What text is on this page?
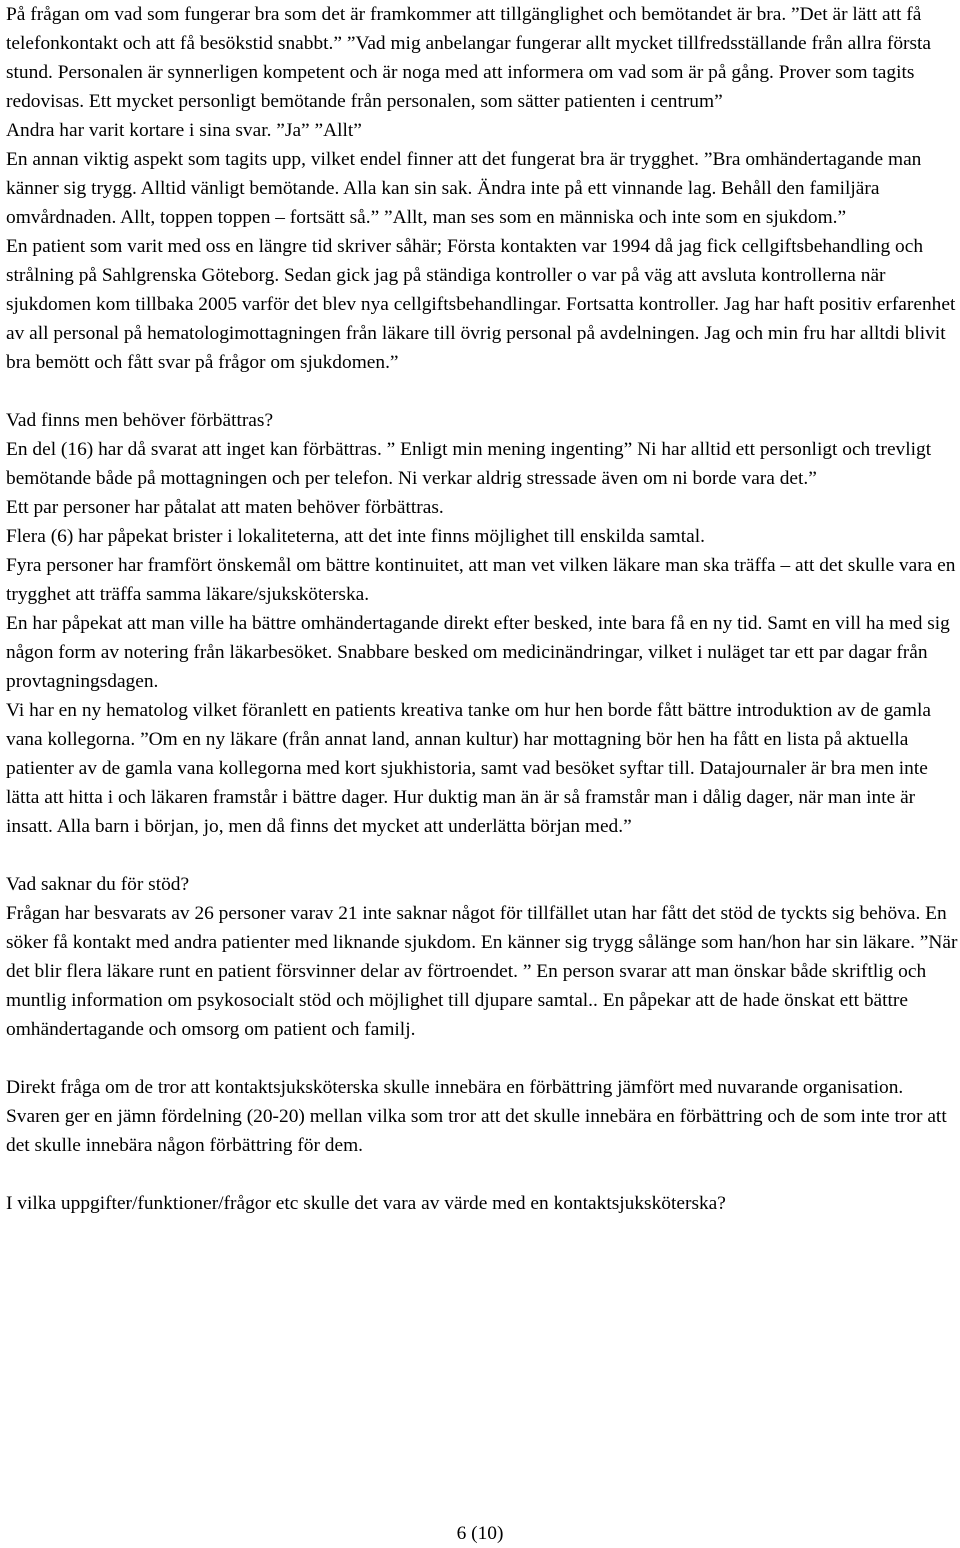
På frågan om vad som fungerar bra som det är framkommer att tillgänglighet och bemötandet är bra. ”Det är lätt att få telefonkontakt och att få besökstid snabbt.” ”Vad mig anbelangar fungerar allt mycket tillfredsställande från allra första stund. Personalen är synnerligen kompetent och är noga med att informera om vad som är på gång. Prover som tagits redovisas. Ett mycket personligt bemötande från personalen, som sätter patienten i centrum”

Andra har varit kortare i sina svar. ”Ja” ”Allt”

En annan viktig aspekt som tagits upp, vilket endel finner att det fungerat bra är trygghet. ”Bra omhändertagande man känner sig trygg. Alltid vänligt bemötande. Alla kan sin sak. Ändra inte på ett vinnande lag. Behåll den familjära omvårdnaden. Allt, toppen toppen – fortsätt så.” ”Allt, man ses som en människa och inte som en sjukdom.”

En patient som varit med oss en längre tid skriver såhär; Första kontakten var 1994 då jag fick cellgiftsbehandling och strålning på Sahlgrenska Göteborg. Sedan gick jag på ständiga kontroller o var på väg att avsluta kontrollerna när sjukdomen kom tillbaka 2005 varför det blev nya cellgiftsbehandlingar. Fortsatta kontroller. Jag har haft positiv erfarenhet av all personal på hematologimottagningen från läkare till övrig personal på avdelningen. Jag och min fru har alltdi blivit bra bemött och fått svar på frågor om sjukdomen.”

Vad finns men behöver förbättras?

En del (16) har då svarat att inget kan förbättras. ” Enligt min mening ingenting” Ni har alltid ett personligt och trevligt bemötande både på mottagningen och per telefon. Ni verkar aldrig stressade även om ni borde vara det.”

Ett par personer har påtalat att maten behöver förbättras.

Flera (6) har påpekat brister i lokaliteterna, att det inte finns möjlighet till enskilda samtal.

Fyra personer har framfört önskemål om bättre kontinuitet, att man vet vilken läkare man ska träffa – att det skulle vara en trygghet att träffa samma läkare/sjuksköterska.

En har påpekat att man ville ha bättre omhändertagande direkt efter besked, inte bara få en ny tid. Samt en vill ha med sig någon form av notering från läkarbesöket. Snabbare besked om medicinändringar, vilket i nuläget tar ett par dagar från provtagningsdagen.

Vi har en ny hematolog vilket föranlett en patients kreativa tanke om hur hen borde fått bättre introduktion av de gamla vana kollegorna. ”Om en ny läkare (från annat land, annan kultur) har mottagning bör hen ha fått en lista på aktuella patienter av de gamla vana kollegorna med kort sjukhistoria, samt vad besöket syftar till. Datajournaler är bra men inte lätta att hitta i och läkaren framstår i bättre dager. Hur duktig man än är så framstår man i dålig dager, när man inte är insatt. Alla barn i början, jo, men då finns det mycket att underlätta början med.”

Vad saknar du för stöd?

Frågan har besvarats av 26 personer varav 21 inte saknar något för tillfället utan har fått det stöd de tyckts sig behöva. En söker få kontakt med andra patienter med liknande sjukdom. En känner sig trygg sålänge som han/hon har sin läkare. ”När det blir flera läkare runt en patient försvinner delar av förtroendet. ” En person svarar att man önskar både skriftlig och muntlig information om psykosocialt stöd och möjlighet till djupare samtal.. En påpekar att de hade önskat ett bättre omhändertagande och omsorg om patient och familj.

Direkt fråga om de tror att kontaktsjuksköterska skulle innebära en förbättring jämfört med nuvarande organisation. Svaren ger en jämn fördelning (20-20) mellan vilka som tror att det skulle innebära en förbättring och de som inte tror att det skulle innebära någon förbättring för dem.

I vilka uppgifter/funktioner/frågor etc skulle det vara av värde med en kontaktsjuksköterska?

6 (10)
